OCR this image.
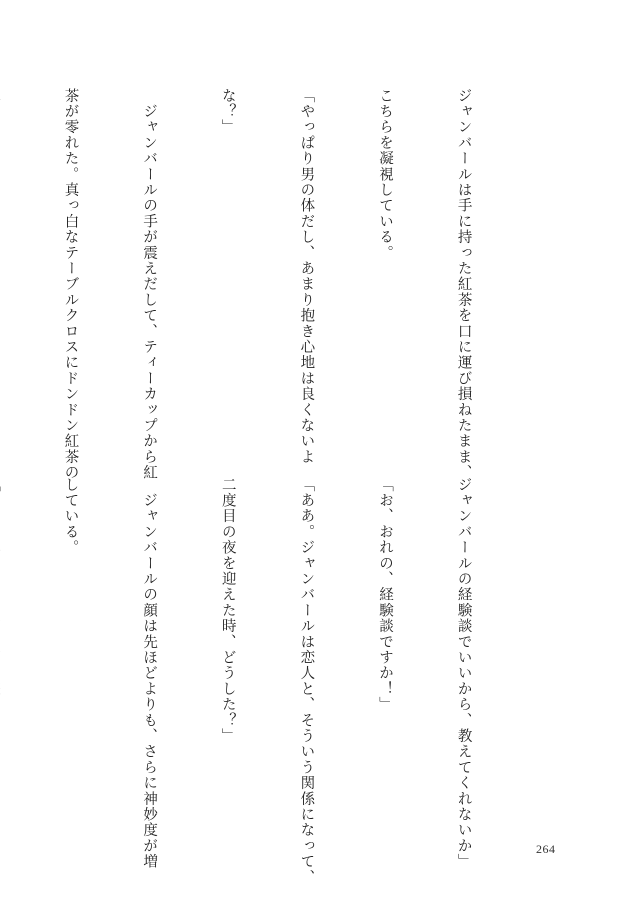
ジャンバールは手に持った紅茶を口に運び損ねたまま、

こちらを凝視している。

「やっぱり男の体だし、あまり抱き心地は良くないよ

な？」

　ジャンバールの手が震えだして、ティーカップから紅

茶が零れた。真っ白なテーブルクロスにドンドン紅茶の

ジャンバールの経験談でいいから、教えてくれないか」

「お、おれの、経験談ですか！」

「ああ。ジャンバールは恋人と、そういう関係になって、

二度目の夜を迎えた時、どうした？」

　ジャンバールの顔は先ほどよりも、さらに神妙度が増

している。

264
